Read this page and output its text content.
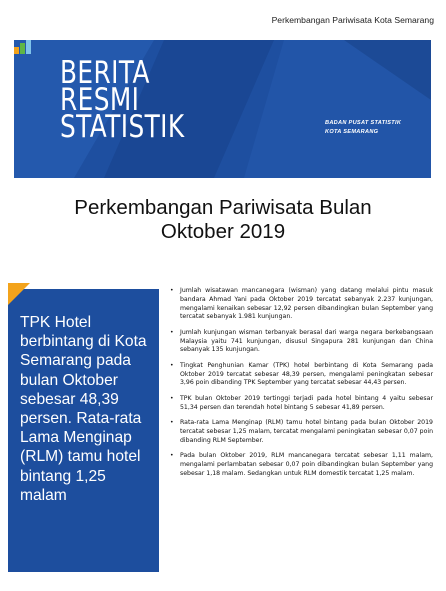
Perkembangan Pariwisata Kota Semarang
BERITA
RESMI
STATISTIK	BADAN PUSAT STATISTIK
KOTA SEMARANG
Perkembangan Pariwisata Bulan
Oktober 2019
TPK Hotel berbintang di Kota Semarang pada bulan Oktober sebesar 48,39 persen. Rata-rata Lama Menginap (RLM) tamu hotel bintang 1,25 malam
• Jumlah wisatawan mancanegara (wisman) yang datang melalui pintu masuk bandara Ahmad Yani pada Oktober 2019 tercatat sebanyak 2.237 kunjungan, mengalami kenaikan sebesar 12,92 persen dibandingkan bulan September yang tercatat sebanyak 1.981 kunjungan.
• Jumlah kunjungan wisman terbanyak berasal dari warga negara berkebangsaan Malaysia yaitu 741 kunjungan, disusul Singapura 281 kunjungan dan China sebanyak 135 kunjungan.
• Tingkat Penghunian Kamar (TPK) hotel berbintang di Kota Semarang pada Oktober 2019 tercatat sebesar 48,39 persen, mengalami peningkatan sebesar 3,96 poin dibanding TPK September yang tercatat sebesar 44,43 persen.
• TPK bulan Oktober 2019 tertinggi terjadi pada hotel bintang 4 yaitu sebesar 51,34 persen dan terendah hotel bintang 5 sebesar 41,89 persen.
• Rata-rata Lama Menginap (RLM) tamu hotel bintang pada bulan Oktober 2019 tercatat sebesar 1,25 malam, tercatat mengalami peningkatan sebesar 0,07 poin dibanding RLM September.
• Pada bulan Oktober 2019, RLM mancanegara tercatat sebesar 1,11 malam, mengalami perlambatan sebesar 0,07 poin dibandingkan bulan September yang sebesar 1,18 malam. Sedangkan untuk RLM domestik tercatat 1,25 malam.
